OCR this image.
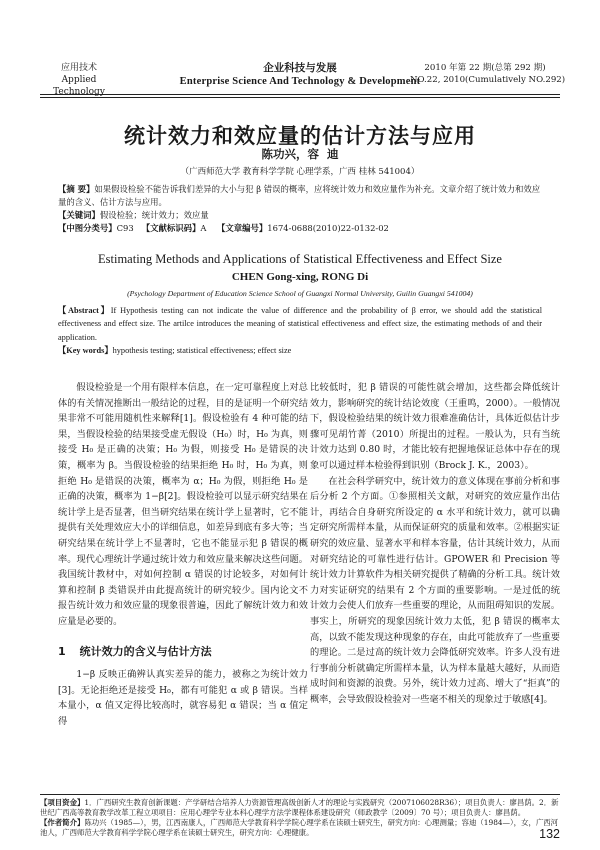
应用技术
Applied Technology
企业科技与发展
Enterprise Science And Technology & Development
2010 年第 22 期(总第 292 期)
NO.22, 2010(Cumulatively NO.292)
统计效力和效应量的估计方法与应用
陈功兴，容 迪
（广西师范大学 教育科学学院 心理学系，广西 桂林 541004）
【摘 要】如果假设检验不能告诉我们差异的大小与犯 β 错误的概率，应将统计效力和效应量作为补充。文章介绍了统计效力和效应量的含义、估计方法与应用。
【关键词】假设检验；统计效力；效应量
【中图分类号】C93 【文献标识码】A 【文章编号】1674-0688(2010)22-0132-02
Estimating Methods and Applications of Statistical Effectiveness and Effect Size
CHEN Gong-xing, RONG Di
(Psychology Department of Education Science School of Guangxi Normal University, Guilin Guangxi 541004)
【Abstract】If Hypothesis testing can not indicate the value of difference and the probability of β error, we should add the statistical effectiveness and effect size. The artilce introduces the meaning of statistical effectiveness and effect size, the estimating methods of and their application.
【Key words】hypothesis testing; statistical effectiveness; effect size

假设检验是一个用有限样本信息，在一定可靠程度上对总体的有关情况推断出一般结论的过程，目的是证明一个研究结果非常不可能用随机性来解释[1]。假设检验有 4 种可能的结果，当假设检验的结果接受虚无假设（H₀）时，H₀ 为真，则接受 H₀ 是正确的决策；H₀ 为假，则接受 H₀ 是错误的决策，概率为 β。当假设检验的结果拒绝 H₀ 时，H₀ 为真，则拒绝 H₀ 是错误的决策，概率为 α；H₀ 为假，则拒绝 H₀ 是正确的决策，概率为 1−β[2]。假设检验可以显示研究结果在统计学上是否显著，但当研究结果在统计学上显著时，它不能提供有关处理效应大小的详细信息，如差异到底有多大等；当研究结果在统计学上不显著时，它也不能显示犯 β 错误的概率。现代心理统计学通过统计效力和效应量来解决这些问题。我国统计教材中，对如何控制 α 错误的讨论较多，对如何计算和控制 β 类错误并由此提高统计的研究较少。国内论文不报告统计效力和效应量的现象很普遍，因此了解统计效力和效应量是必要的。

1 统计效力的含义与估计方法

1−β 反映正确辨认真实差异的能力，被称之为统计效力[3]。无论拒绝还是接受 H₀，都有可能犯 α 或 β 错误。当样本量小，α 值又定得比较高时，就容易犯 α 错误；当 α 值定得

比较低时，犯 β 错误的可能性就会增加，这些都会降低统计效力，影响研究的统计结论效度（王重鸣，2000）。一般情况下，假设检验结果的统计效力很难准确估计，具体近似估计步骤可见胡竹菁（2010）所提出的过程。一般认为，只有当统计效力达到 0.80 时，才能比较有把握地保证总体中存在的现象可以通过样本检验得到识别（Brock J. K.，2003）。

在社会科学研究中，统计效力的意义体现在事前分析和事后分析 2 个方面。①参照相关文献，对研究的效应量作出估计，再结合自身研究所设定的 α 水平和统计效力，就可以确定研究所需样本量，从而保证研究的质量和效率。②根据实证研究的效应量、显著水平和样本容量，估计其统计效力，从而对研究结论的可靠性进行估计。GPOWER 和 Precision 等统计效力计算软件为相关研究提供了精确的分析工具。统计效力对实证研究的结果有 2 个方面的重要影响。一是过低的统计效力会使人们放弃一些重要的理论，从而阻碍知识的发展。事实上，所研究的现象因统计效力太低，犯 β 错误的概率太高，以致不能发现这种现象的存在，由此可能放弃了一些重要的理论。二是过高的统计效力会降低研究效率。许多人没有进行事前分析就确定所需样本量，认为样本量越大越好，从而造成时间和资源的浪费。另外，统计效力过高、增大了“拒真”的概率，会导致假设检验对一些毫不相关的现象过于敏感[4]。

【项目资金】1．广西研究生教育创新课题：产学研结合培养人力资源管理高级创新人才的理论与实践研究（2007106028R36）；项目负责人：廖昌荫。2．新世纪广西高等教育教学改革工程立项项目：应用心理学专业本科心理学方法学课程体系建设研究（师政教学〔2009〕70 号）；项目负责人：廖昌荫。
【作者简介】陈功兴（1985—），男，江西南康人，广西师范大学教育科学学院心理学系在读硕士研究生，研究方向：心理测量；容迪（1984—），女，广西河池人，广西师范大学教育科学学院心理学系在读硕士研究生，研究方向：心理健康。	132
